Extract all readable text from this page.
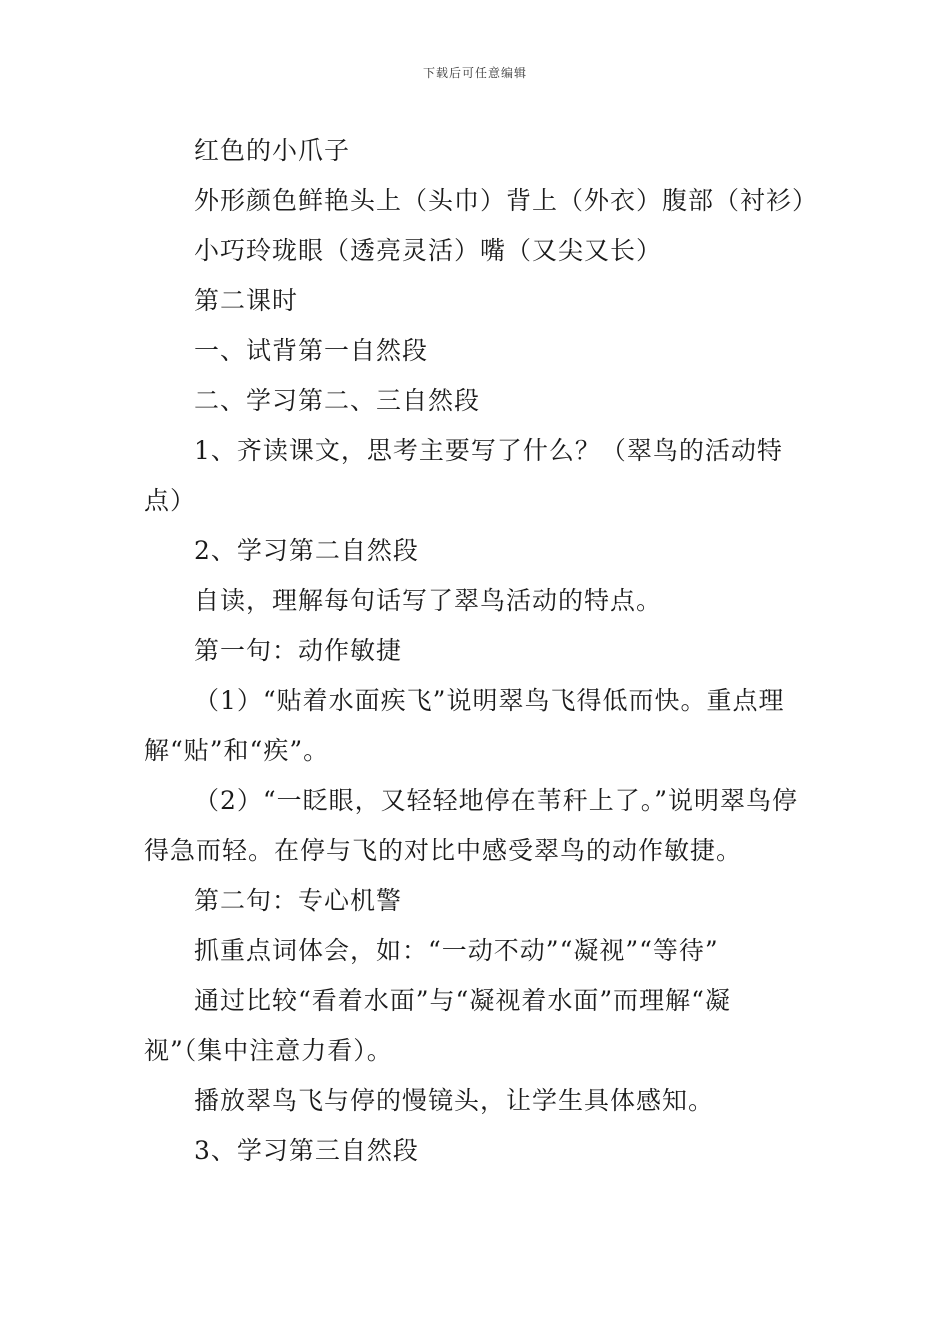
下载后可任意编辑

红色的小爪子

外形颜色鲜艳头上（头巾）背上（外衣）腹部（衬衫）

小巧玲珑眼（透亮灵活）嘴（又尖又长）

第二课时

一、试背第一自然段

二、学习第二、三自然段

1、齐读课文，思考主要写了什么？（翠鸟的活动特点）

2、学习第二自然段

自读，理解每句话写了翠鸟活动的特点。

第一句：动作敏捷

（1）“贴着水面疾飞”说明翠鸟飞得低而快。重点理解“贴”和“疾”。

（2）“一眨眼，又轻轻地停在苇秆上了。”说明翠鸟停得急而轻。在停与飞的对比中感受翠鸟的动作敏捷。

第二句：专心机警

抓重点词体会，如：“一动不动”“凝视”“等待”

通过比较“看着水面”与“凝视着水面”而理解“凝视”（集中注意力看）。

播放翠鸟飞与停的慢镜头，让学生具体感知。

3、学习第三自然段
